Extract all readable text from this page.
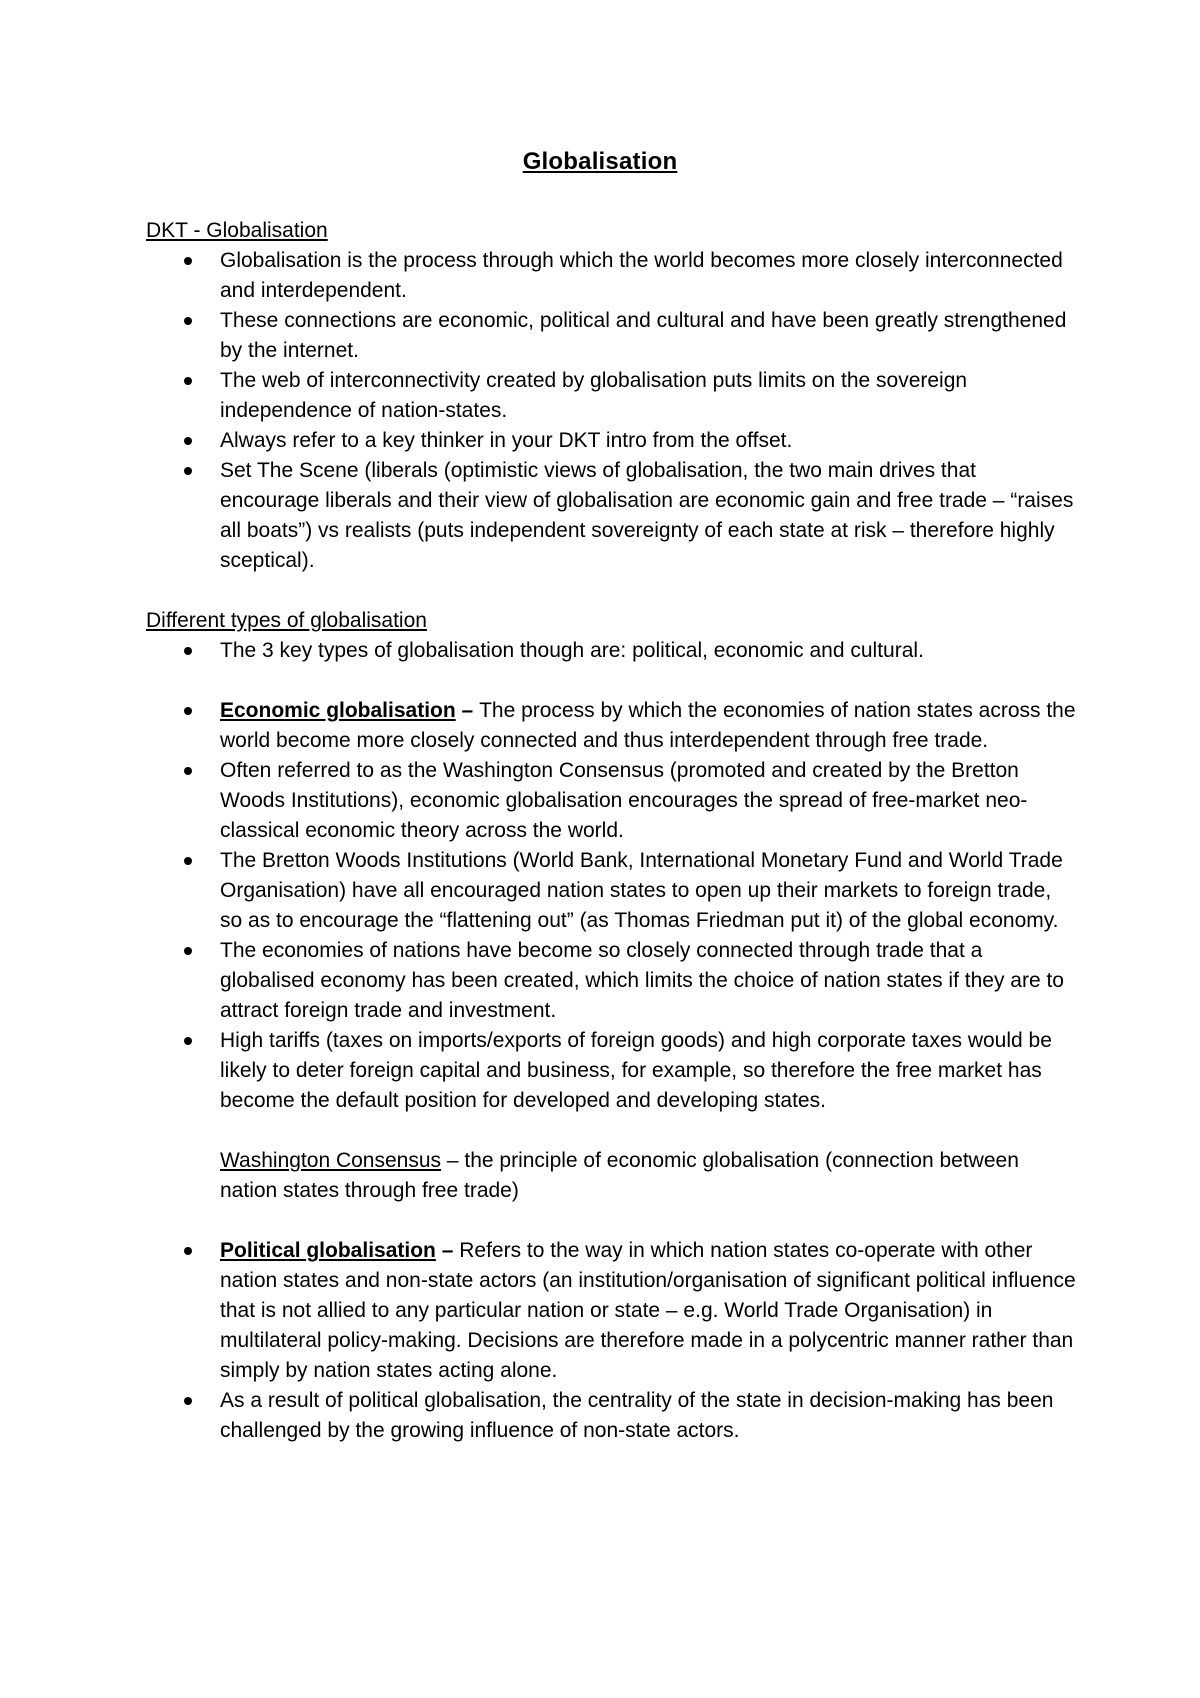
Globalisation
DKT - Globalisation
Globalisation is the process through which the world becomes more closely interconnected and interdependent.
These connections are economic, political and cultural and have been greatly strengthened by the internet.
The web of interconnectivity created by globalisation puts limits on the sovereign independence of nation-states.
Always refer to a key thinker in your DKT intro from the offset.
Set The Scene (liberals (optimistic views of globalisation, the two main drives that encourage liberals and their view of globalisation are economic gain and free trade – “raises all boats”) vs realists (puts independent sovereignty of each state at risk – therefore highly sceptical).
Different types of globalisation
The 3 key types of globalisation though are: political, economic and cultural.
Economic globalisation – The process by which the economies of nation states across the world become more closely connected and thus interdependent through free trade.
Often referred to as the Washington Consensus (promoted and created by the Bretton Woods Institutions), economic globalisation encourages the spread of free-market neo-classical economic theory across the world.
The Bretton Woods Institutions (World Bank, International Monetary Fund and World Trade Organisation) have all encouraged nation states to open up their markets to foreign trade, so as to encourage the “flattening out” (as Thomas Friedman put it) of the global economy.
The economies of nations have become so closely connected through trade that a globalised economy has been created, which limits the choice of nation states if they are to attract foreign trade and investment.
High tariffs (taxes on imports/exports of foreign goods) and high corporate taxes would be likely to deter foreign capital and business, for example, so therefore the free market has become the default position for developed and developing states.
Washington Consensus – the principle of economic globalisation (connection between nation states through free trade)
Political globalisation – Refers to the way in which nation states co-operate with other nation states and non-state actors (an institution/organisation of significant political influence that is not allied to any particular nation or state – e.g. World Trade Organisation) in multilateral policy-making. Decisions are therefore made in a polycentric manner rather than simply by nation states acting alone.
As a result of political globalisation, the centrality of the state in decision-making has been challenged by the growing influence of non-state actors.
